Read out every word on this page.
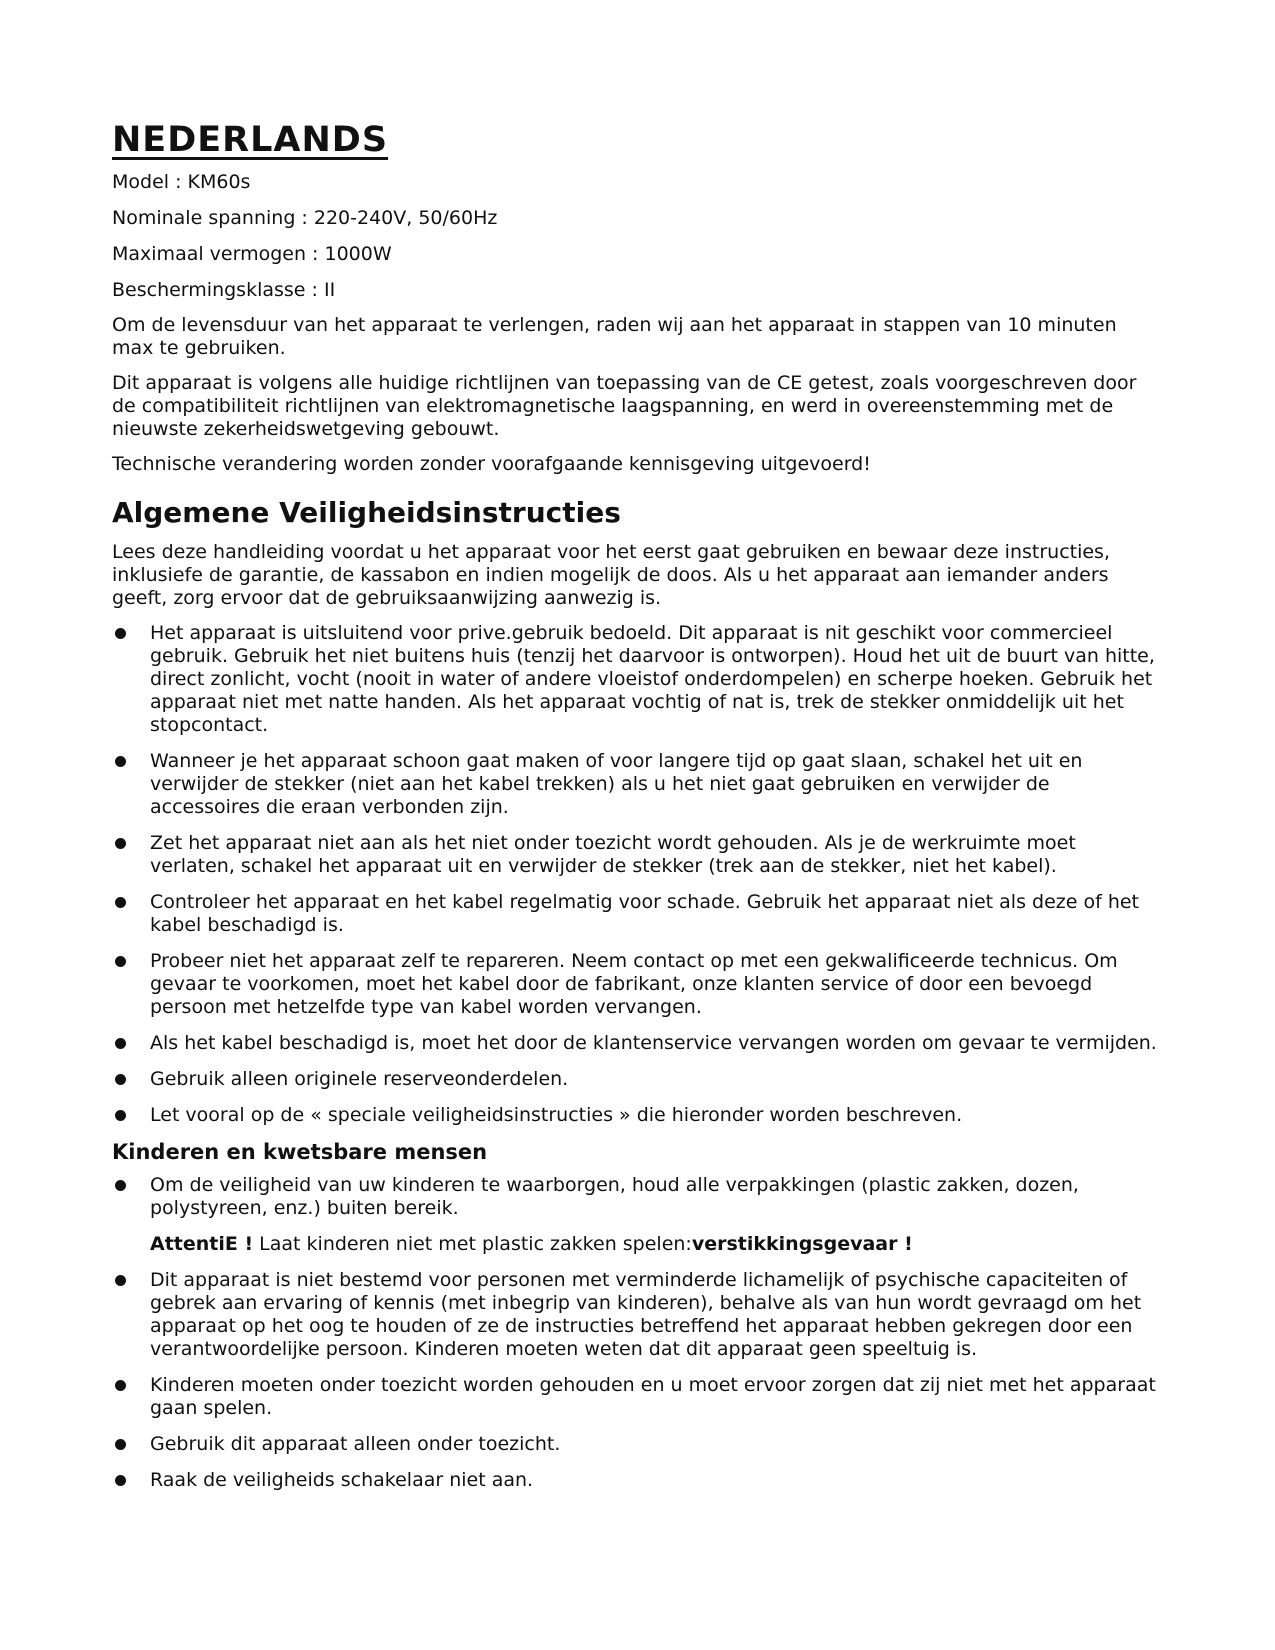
NEDERLANDS
Model : KM60s
Nominale spanning : 220-240V, 50/60Hz
Maximaal vermogen : 1000W
Beschermingsklasse : II

Om de levensduur van het apparaat te verlengen, raden wij aan het apparaat in stappen van 10 minuten max te gebruiken.

Dit apparaat is volgens alle huidige richtlijnen van toepassing van de CE getest, zoals voorgeschreven door de compatibiliteit richtlijnen van elektromagnetische laagspanning, en werd in overeenstemming met de nieuwste zekerheidswetgeving gebouwt.

Technische verandering worden zonder voorafgaande kennisgeving uitgevoerd!

Algemene Veiligheidsinstructies

Lees deze handleiding voordat u het apparaat voor het eerst gaat gebruiken en bewaar deze instructies, inklusiefe de garantie, de kassabon en indien mogelijk de doos. Als u het apparaat aan iemander anders geeft, zorg ervoor dat de gebruiksaanwijzing aanwezig is.

Het apparaat is uitsluitend voor prive.gebruik bedoeld. Dit apparaat is nit geschikt voor commercieel gebruik. Gebruik het niet buitens huis (tenzij het daarvoor is ontworpen). Houd het uit de buurt van hitte, direct zonlicht, vocht (nooit in water of andere vloeistof onderdompelen) en scherpe hoeken. Gebruik het apparaat niet met natte handen. Als het apparaat vochtig of nat is, trek de stekker onmiddelijk uit het stopcontact.
Wanneer je het apparaat schoon gaat maken of voor langere tijd op gaat slaan, schakel het uit en verwijder de stekker (niet aan het kabel trekken) als u het niet gaat gebruiken en verwijder de accessoires die eraan verbonden zijn.
Zet het apparaat niet aan als het niet onder toezicht wordt gehouden. Als je de werkruimte moet verlaten, schakel het apparaat uit en verwijder de stekker (trek aan de stekker, niet het kabel).
Controleer het apparaat en het kabel regelmatig voor schade. Gebruik het apparaat niet als deze of het kabel beschadigd is.
Probeer niet het apparaat zelf te repareren. Neem contact op met een gekwalificeerde technicus. Om gevaar te voorkomen, moet het kabel door de fabrikant, onze klanten service of door een bevoegd persoon met hetzelfde type van kabel worden vervangen.
Als het kabel beschadigd is, moet het door de klantenservice vervangen worden om gevaar te vermijden.
Gebruik alleen originele reserveonderdelen.
Let vooral op de « speciale veiligheidsinstructies » die hieronder worden beschreven.
Kinderen en kwetsbare mensen
Om de veiligheid van uw kinderen te waarborgen, houd alle verpakkingen (plastic zakken, dozen, polystyreen, enz.) buiten bereik.
AttentiE ! Laat kinderen niet met plastic zakken spelen:verstikkingsgevaar !
Dit apparaat is niet bestemd voor personen met verminderde lichamelijk of psychische capaciteiten of gebrek aan ervaring of kennis (met inbegrip van kinderen), behalve als van hun wordt gevraagd om het apparaat op het oog te houden of ze de instructies betreffend het apparaat hebben gekregen door een verantwoordelijke persoon. Kinderen moeten weten dat dit apparaat geen speeltuig is.
Kinderen moeten onder toezicht worden gehouden en u moet ervoor zorgen dat zij niet met het apparaat gaan spelen.
Gebruik dit apparaat alleen onder toezicht.
Raak de veiligheids schakelaar niet aan.
